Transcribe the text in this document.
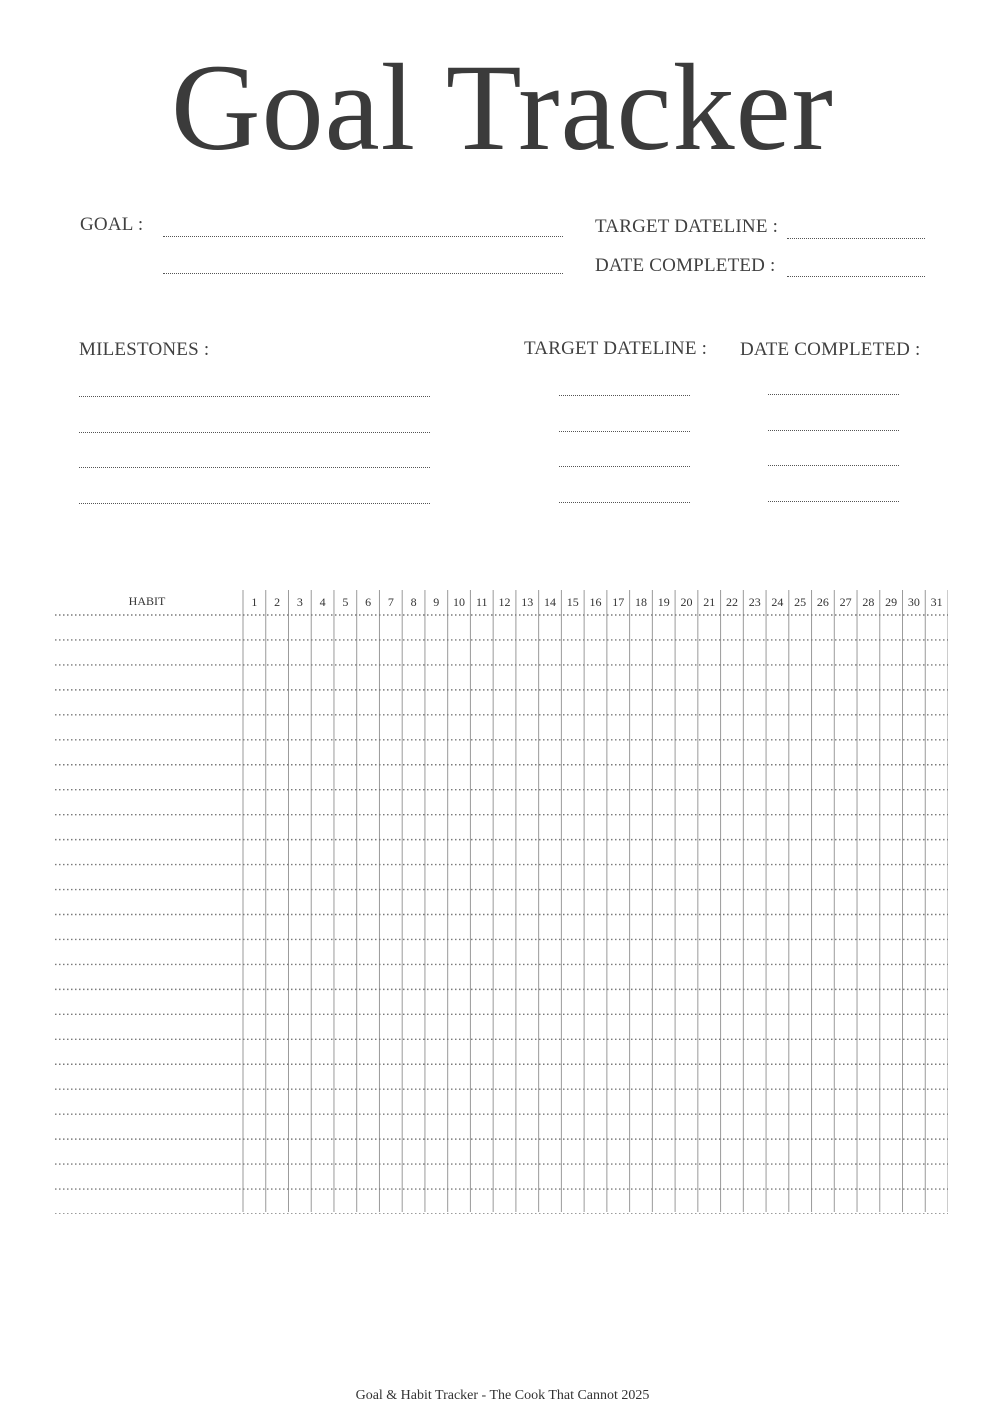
Goal Tracker
GOAL :	TARGET DATELINE :
DATE COMPLETED :
MILESTONES :	TARGET DATELINE : DATE COMPLETED :
HABIT	1 2 3 4 5 6 7 8 9 10 11 12 13 14 15 16 17 18 19 20 21 22 23 24 25 26 27 28 29 30 31
Goal & Habit Tracker - The Cook That Cannot 2025
